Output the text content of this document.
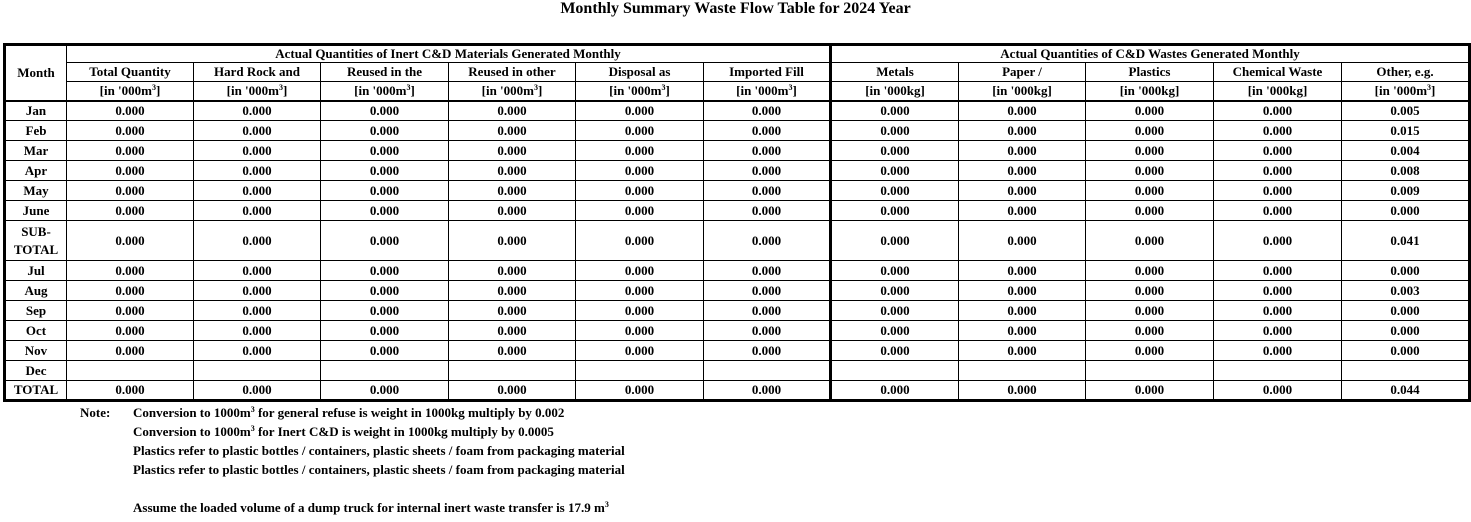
Monthly Summary Waste Flow Table for 2024 Year
Month	Actual Quantities of Inert C&D Materials Generated Monthly						Actual Quantities of C&D Wastes Generated Monthly				
	Total Quantity	Hard Rock and	Reused in the	Reused in other	Disposal as	Imported Fill	Metals	Paper /	Plastics	Chemical Waste	Other, e.g.
	[in '$000m^3$]	[in '$000m^3$]	[in '$000m^3$]	[in '$000m^3$]	[in '$000m^3$]	[in '$000m^3$]	[in '000kg]	[in '000kg]	[in '000kg]	[in '000kg]	[in '$000m^3$]
Jan	0.000	0.000	0.000	0.000	0.000	0.000	0.000	0.000	0.000	0.000	0.005
Feb	0.000	0.000	0.000	0.000	0.000	0.000	0.000	0.000	0.000	0.000	0.015
Mar	0.000	0.000	0.000	0.000	0.000	0.000	0.000	0.000	0.000	0.000	0.004
Apr	0.000	0.000	0.000	0.000	0.000	0.000	0.000	0.000	0.000	0.000	0.008
May	0.000	0.000	0.000	0.000	0.000	0.000	0.000	0.000	0.000	0.000	0.009
June	0.000	0.000	0.000	0.000	0.000	0.000	0.000	0.000	0.000	0.000	0.000
SUB-TOTAL	0.000	0.000	0.000	0.000	0.000	0.000	0.000	0.000	0.000	0.000	0.041
Jul	0.000	0.000	0.000	0.000	0.000	0.000	0.000	0.000	0.000	0.000	0.000
Aug	0.000	0.000	0.000	0.000	0.000	0.000	0.000	0.000	0.000	0.000	0.003
Sep	0.000	0.000	0.000	0.000	0.000	0.000	0.000	0.000	0.000	0.000	0.000
Oct	0.000	0.000	0.000	0.000	0.000	0.000	0.000	0.000	0.000	0.000	0.000
Nov	0.000	0.000	0.000	0.000	0.000	0.000	0.000	0.000	0.000	0.000	0.000
Dec											
TOTAL	0.000	0.000	0.000	0.000	0.000	0.000	0.000	0.000	0.000	0.000	0.044
Note: Conversion to $1000m^3$ for general refuse is weight in 1000kg multiply by 0.002
Conversion to $1000m^3$ for Inert C&D is weight in 1000kg multiply by 0.0005
Plastics refer to plastic bottles / containers, plastic sheets / foam from packaging material
Plastics refer to plastic bottles / containers, plastic sheets / foam from packaging material
Assume the loaded volume of a dump truck for internal inert waste transfer is 17.9 $m^3$
